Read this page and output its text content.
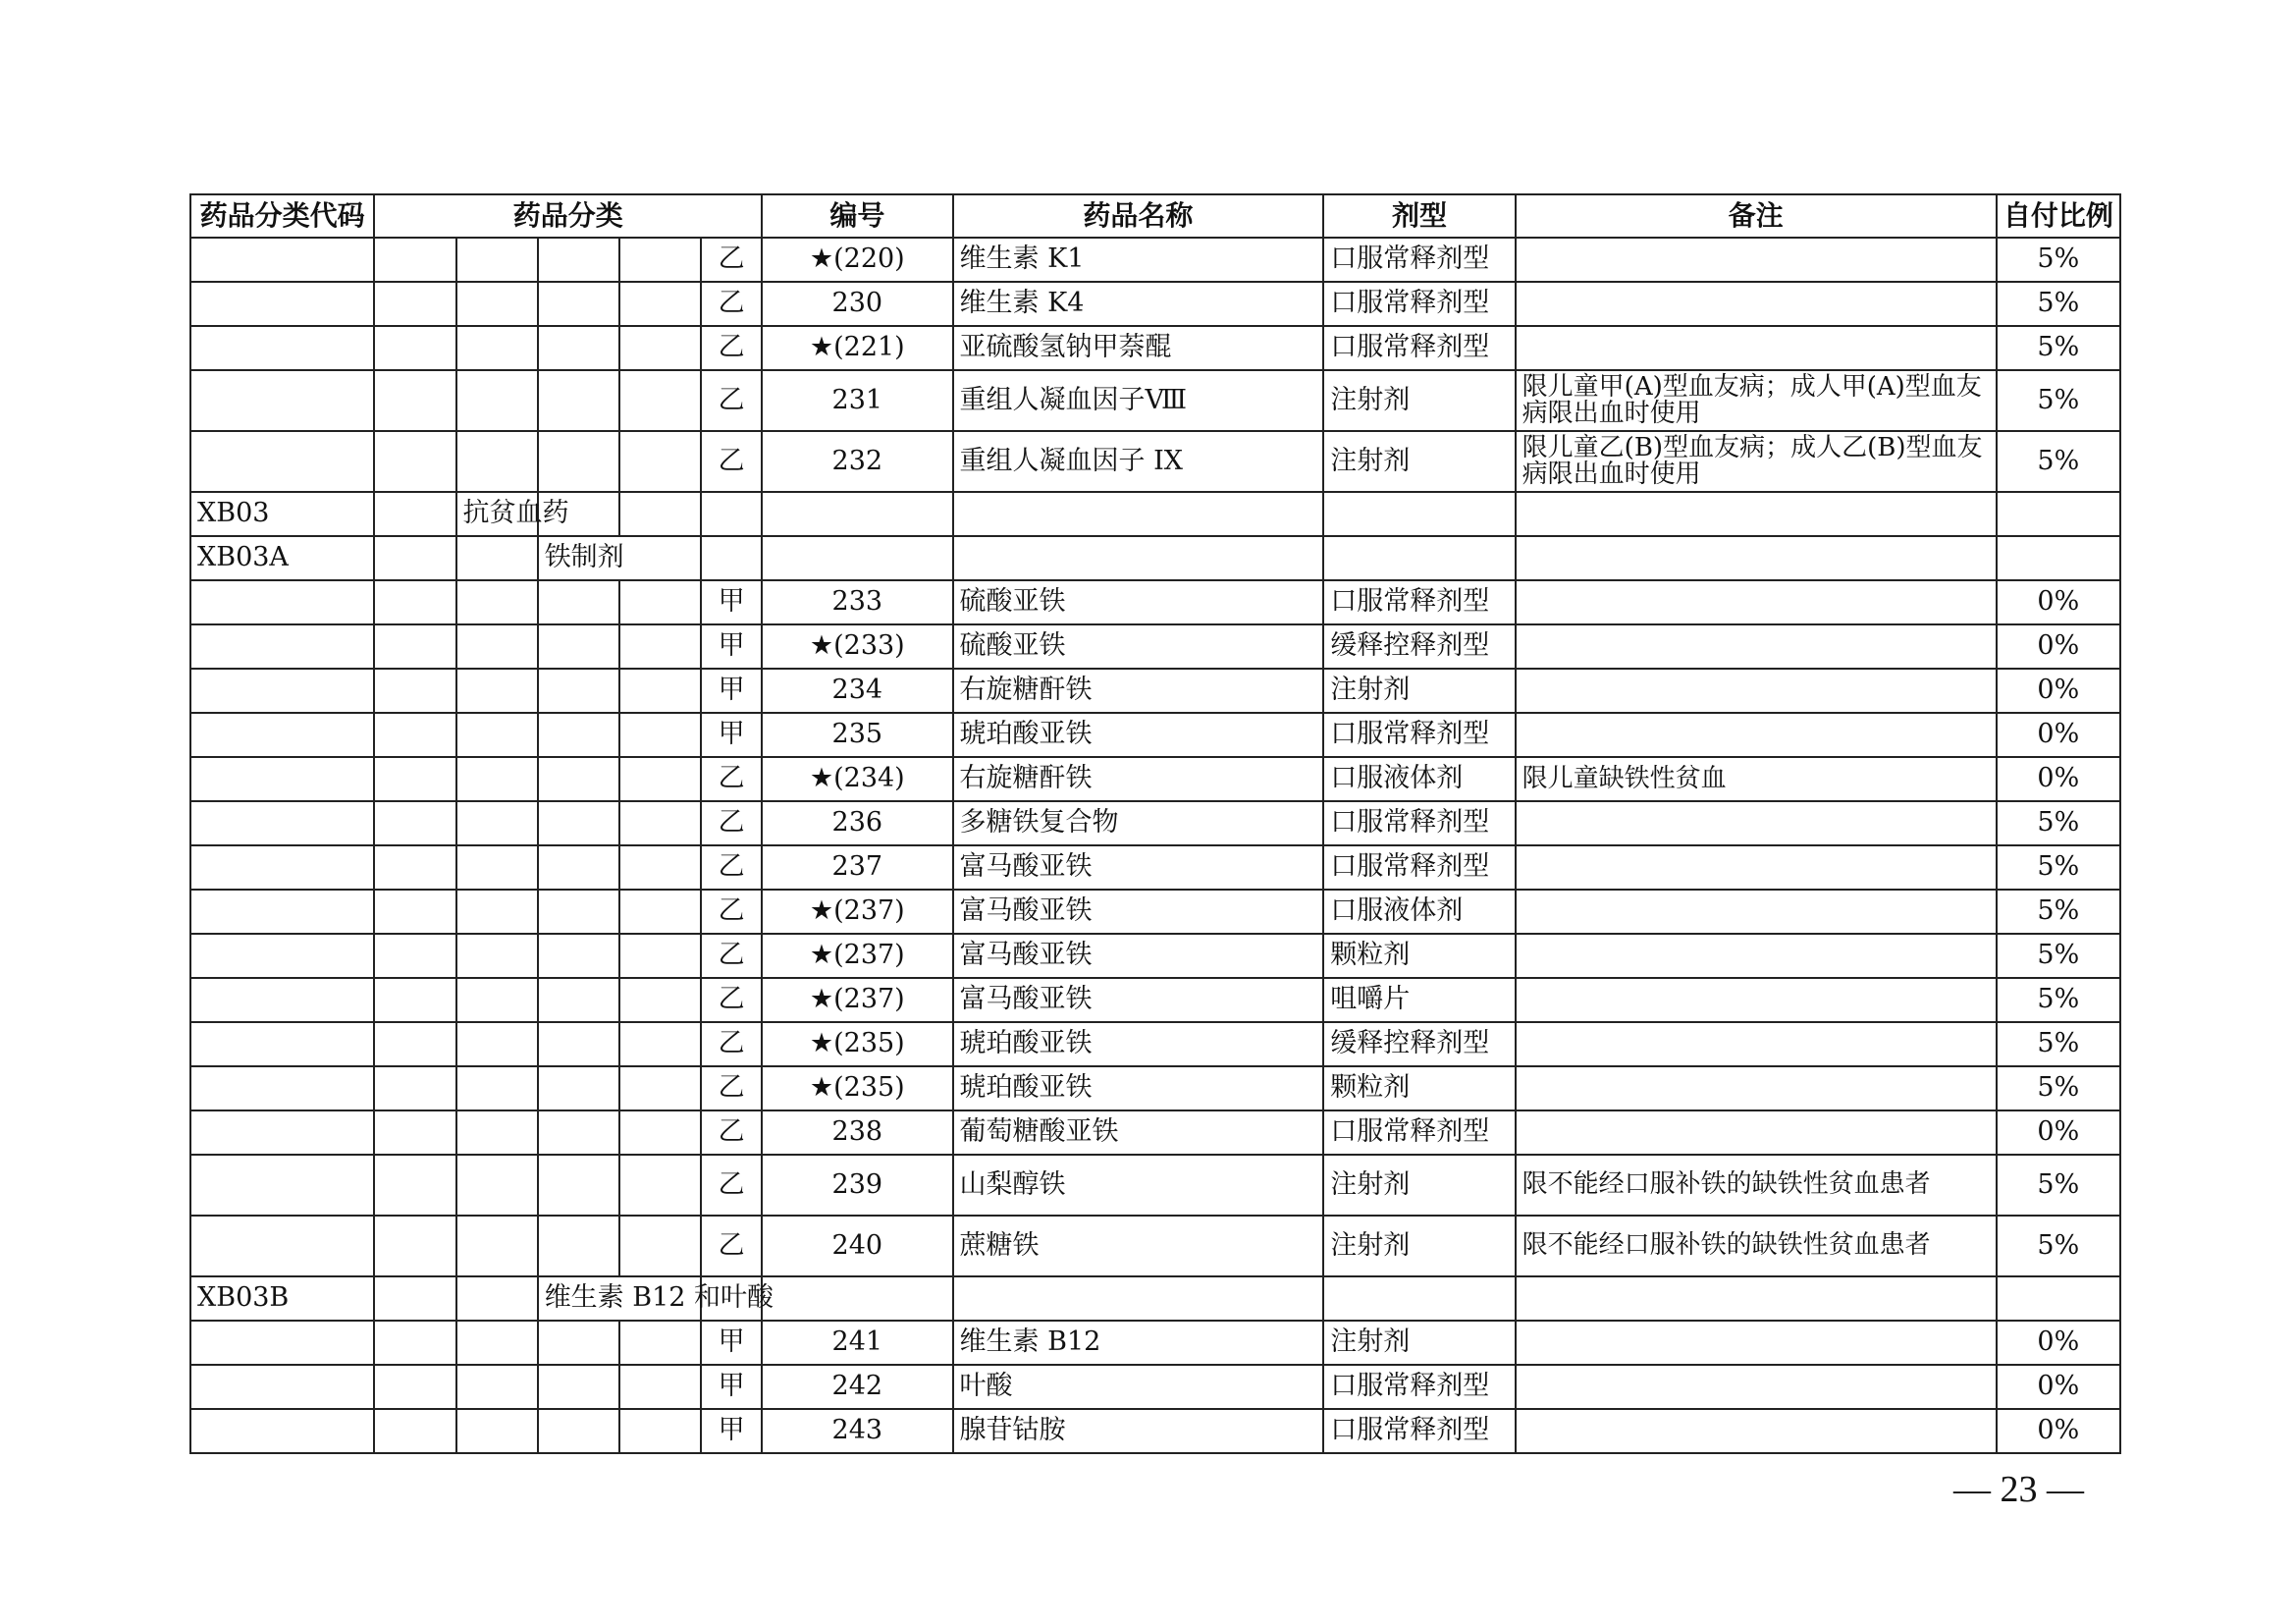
药品分类代码	药品分类					编号	药品名称	剂型	备注	自付比例
					乙	★(220)	维生素 K1	口服常释剂型		5%
					乙	230	维生素 K4	口服常释剂型		5%
					乙	★(221)	亚硫酸氢钠甲萘醌	口服常释剂型		5%
					乙	231	重组人凝血因子Ⅷ	注射剂	限儿童甲(A)型血友病；成人甲(A)型血友病限出血时使用	5%
					乙	232	重组人凝血因子 IX	注射剂	限儿童乙(B)型血友病；成人乙(B)型血友病限出血时使用	5%
XB03		抗贫血药								
XB03A			铁制剂							
					甲	233	硫酸亚铁	口服常释剂型		0%
					甲	★(233)	硫酸亚铁	缓释控释剂型		0%
					甲	234	右旋糖酐铁	注射剂		0%
					甲	235	琥珀酸亚铁	口服常释剂型		0%
					乙	★(234)	右旋糖酐铁	口服液体剂	限儿童缺铁性贫血	0%
					乙	236	多糖铁复合物	口服常释剂型		5%
					乙	237	富马酸亚铁	口服常释剂型		5%
					乙	★(237)	富马酸亚铁	口服液体剂		5%
					乙	★(237)	富马酸亚铁	颗粒剂		5%
					乙	★(237)	富马酸亚铁	咀嚼片		5%
					乙	★(235)	琥珀酸亚铁	缓释控释剂型		5%
					乙	★(235)	琥珀酸亚铁	颗粒剂		5%
					乙	238	葡萄糖酸亚铁	口服常释剂型		0%
					乙	239	山梨醇铁	注射剂	限不能经口服补铁的缺铁性贫血患者	5%
					乙	240	蔗糖铁	注射剂	限不能经口服补铁的缺铁性贫血患者	5%
XB03B			维生素 B12 和叶酸							
					甲	241	维生素 B12	注射剂		0%
					甲	242	叶酸	口服常释剂型		0%
					甲	243	腺苷钴胺	口服常释剂型		0%
— 23 —
